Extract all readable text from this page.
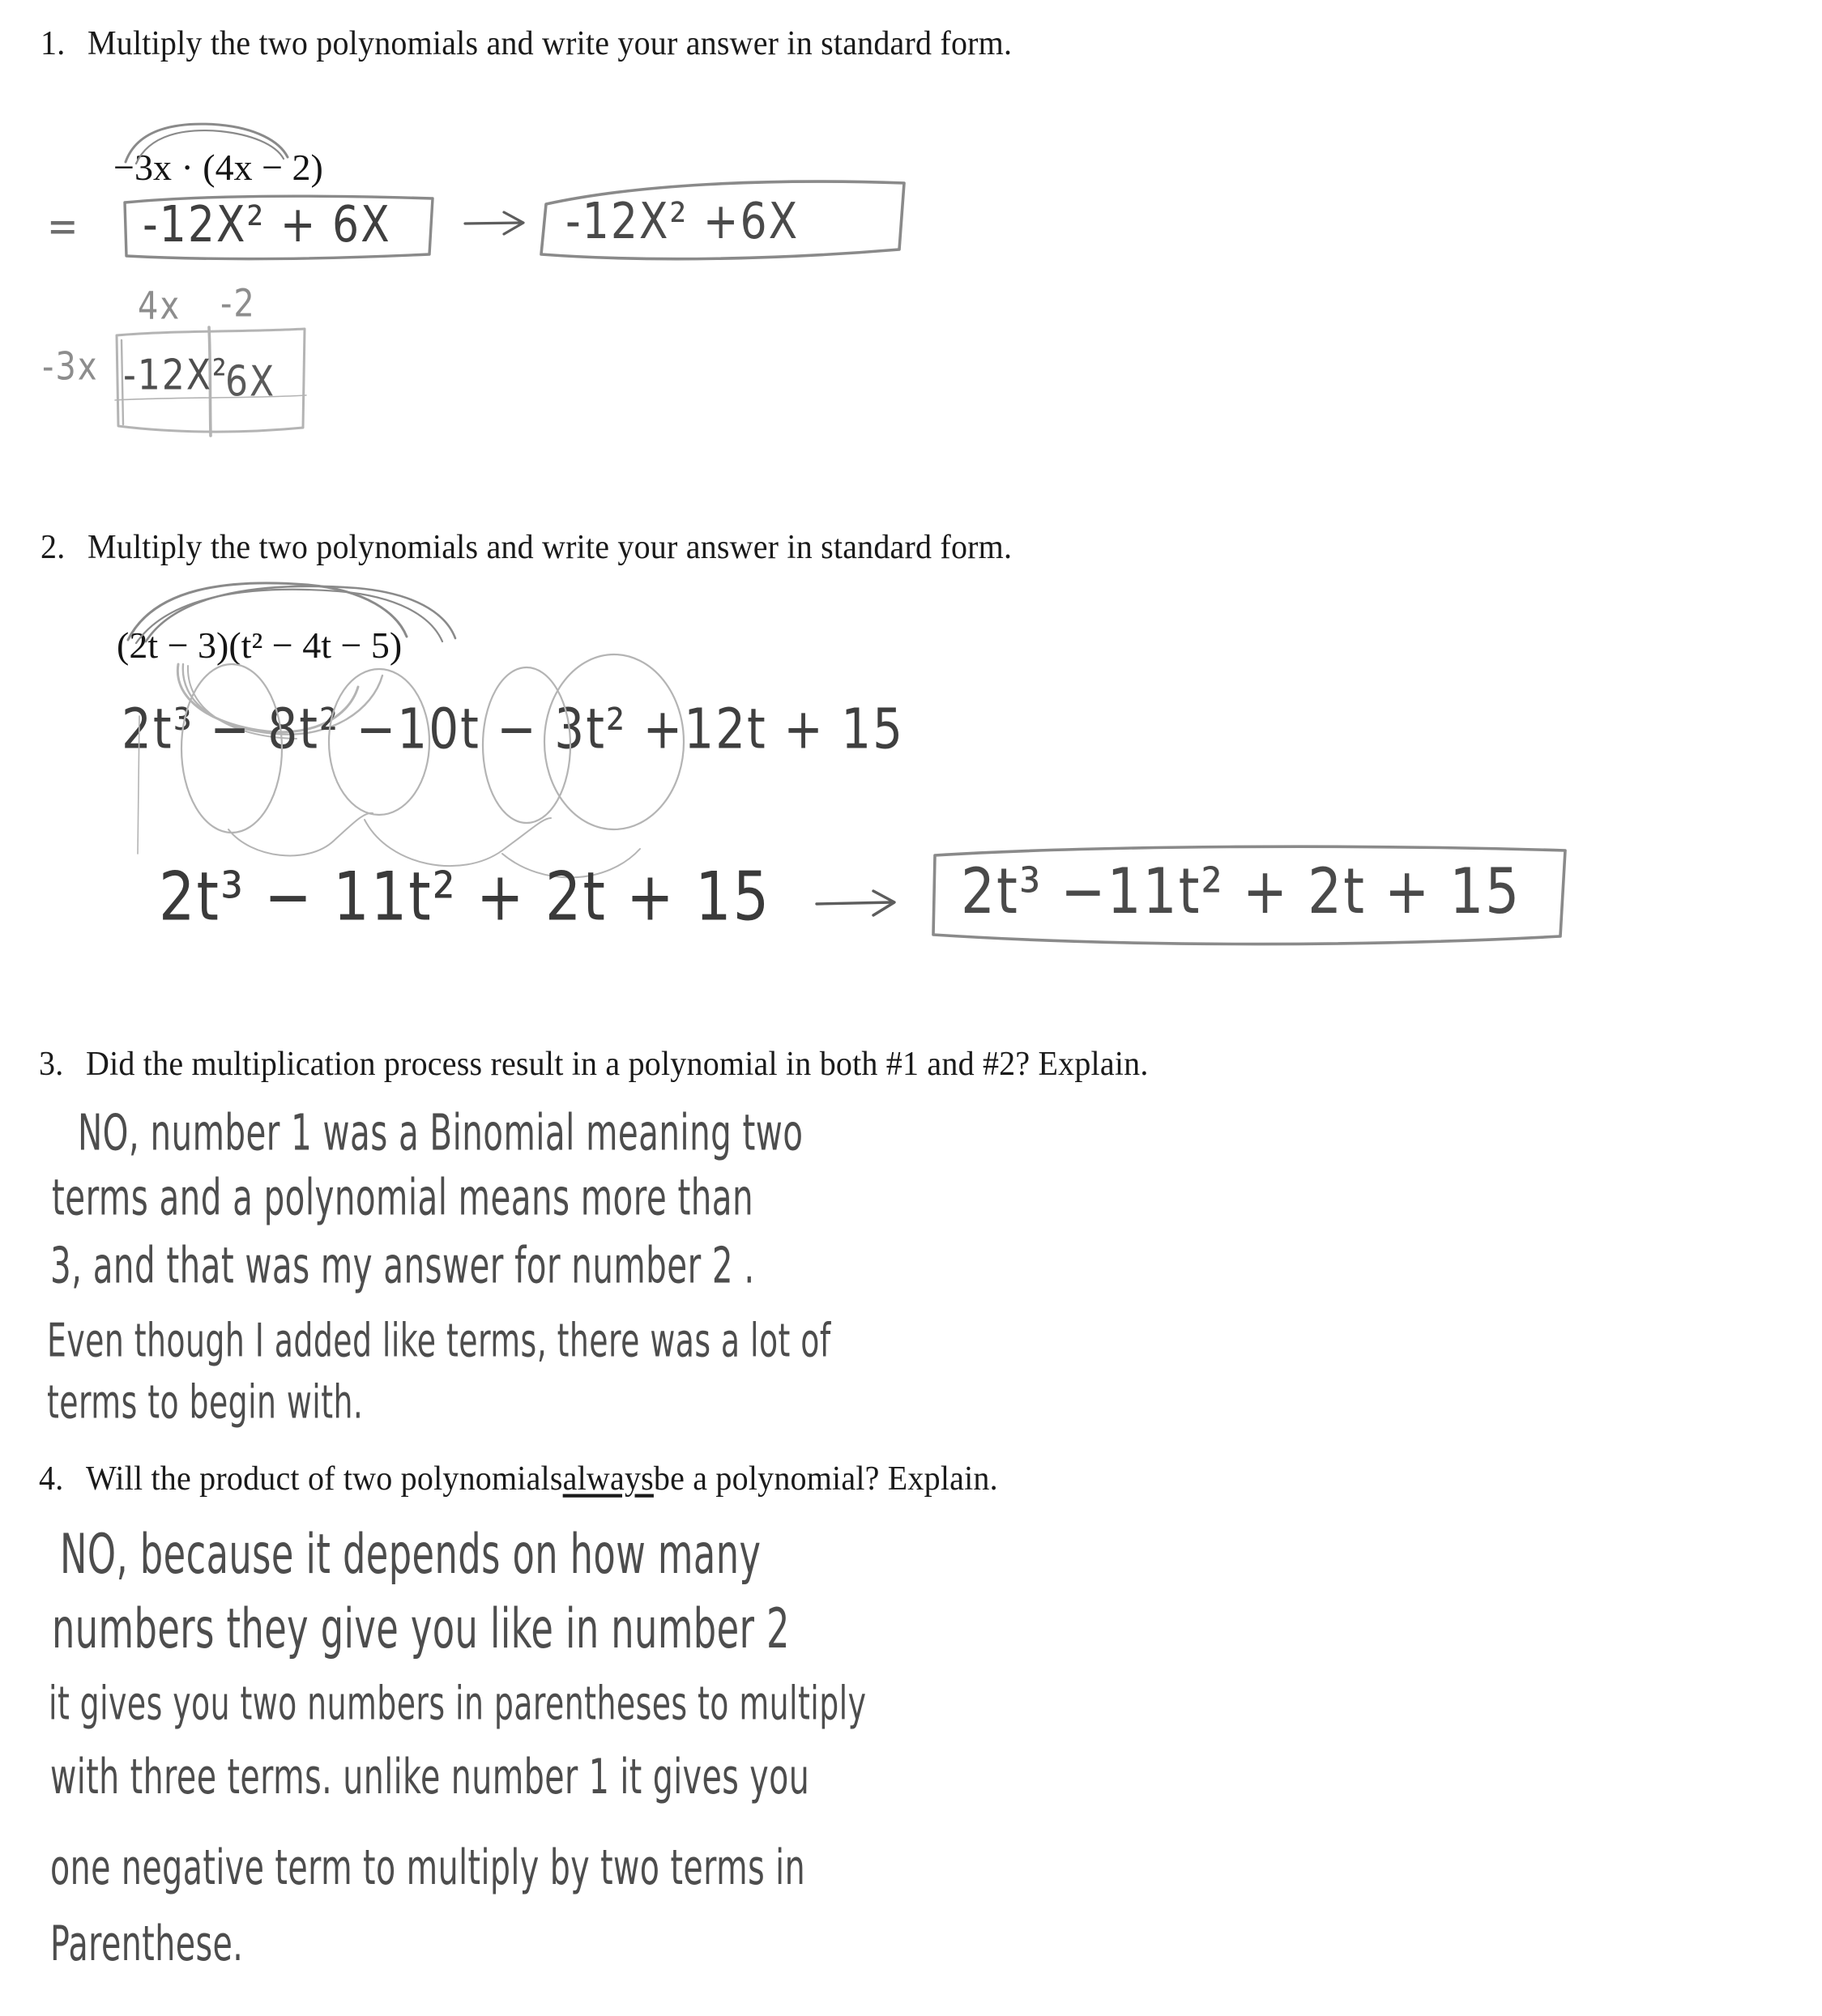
1. Multiply the two polynomials and write your answer in standard form.
−3x · (4x − 2)
= -12X² + 6X	-12X² +6X
4x -2
-3x -12X²
6X
2. Multiply the two polynomials and write your answer in standard form.
(2t − 3)(t² − 4t − 5)
2t³ − 8t² −10t − 3t² +12t + 15
2t³ − 11t² + 2t + 15	2t³ −11t² + 2t + 15
3. Did the multiplication process result in a polynomial in both #1 and #2? Explain.
NO, number 1 was a Binomial meaning two
terms and a polynomial means more than
3, and that was my answer for number 2 .
Even though I added like terms, there was a lot of
terms to begin with.
4. Will the product of two polynomials always be a polynomial? Explain.
NO, because it depends on how many
numbers they give you like in number 2
it gives you two numbers in parentheses to multiply
with three terms. unlike number 1 it gives you
one negative term to multiply by two terms in
Parenthese.
